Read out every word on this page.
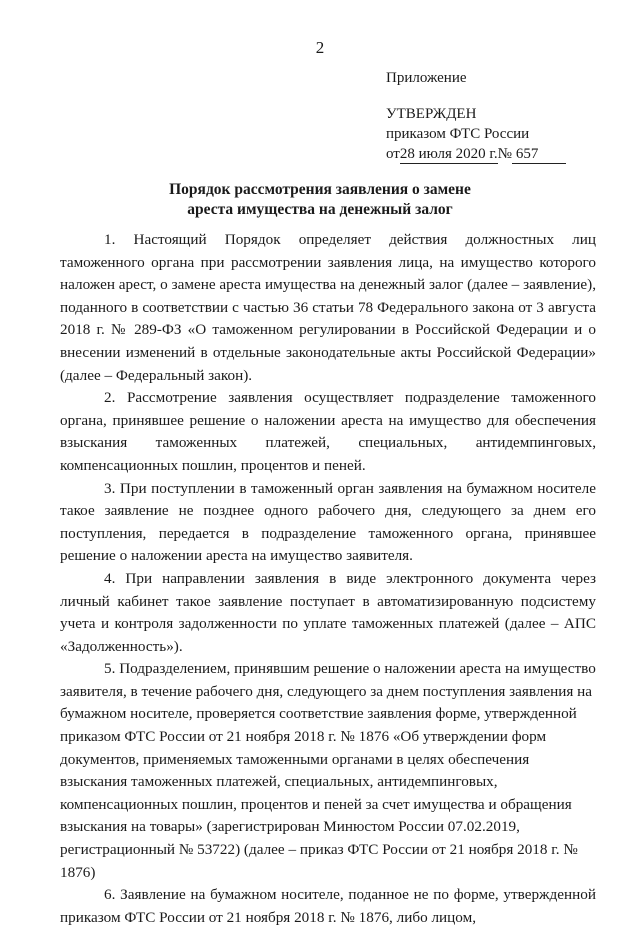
2
Приложение
УТВЕРЖДЕН
приказом ФТС России
от28 июля 2020 г.№ 657
Порядок рассмотрения заявления о замене
ареста имущества на денежный залог

1. Настоящий Порядок определяет действия должностных лиц таможенного органа при рассмотрении заявления лица, на имущество которого наложен арест, о замене ареста имущества на денежный залог (далее – заявление), поданного в соответствии с частью 36 статьи 78 Федерального закона от 3 августа 2018 г. № 289-ФЗ «О таможенном регулировании в Российской Федерации и о внесении изменений в отдельные законодательные акты Российской Федерации» (далее – Федеральный закон).

2. Рассмотрение заявления осуществляет подразделение таможенного органа, принявшее решение о наложении ареста на имущество для обеспечения взыскания таможенных платежей, специальных, антидемпинговых, компенсационных пошлин, процентов и пеней.

3. При поступлении в таможенный орган заявления на бумажном носителе такое заявление не позднее одного рабочего дня, следующего за днем его поступления, передается в подразделение таможенного органа, принявшее решение о наложении ареста на имущество заявителя.

4. При направлении заявления в виде электронного документа через личный кабинет такое заявление поступает в автоматизированную подсистему учета и контроля задолженности по уплате таможенных платежей (далее – АПС «Задолженность»).

5. Подразделением, принявшим решение о наложении ареста на имущество заявителя, в течение рабочего дня, следующего за днем поступления заявления на бумажном носителе, проверяется соответствие заявления форме, утвержденной приказом ФТС России от 21 ноября 2018 г. № 1876 «Об утверждении форм документов, применяемых таможенными органами в целях обеспечения взыскания таможенных платежей, специальных, антидемпинговых, компенсационных пошлин, процентов и пеней за счет имущества и обращения взыскания на товары» (зарегистрирован Минюстом России 07.02.2019, регистрационный № 53722) (далее – приказ ФТС России от 21 ноября 2018 г. № 1876)

6. Заявление на бумажном носителе, поданное не по форме, утвержденной приказом ФТС России от 21 ноября 2018 г. № 1876, либо лицом,
